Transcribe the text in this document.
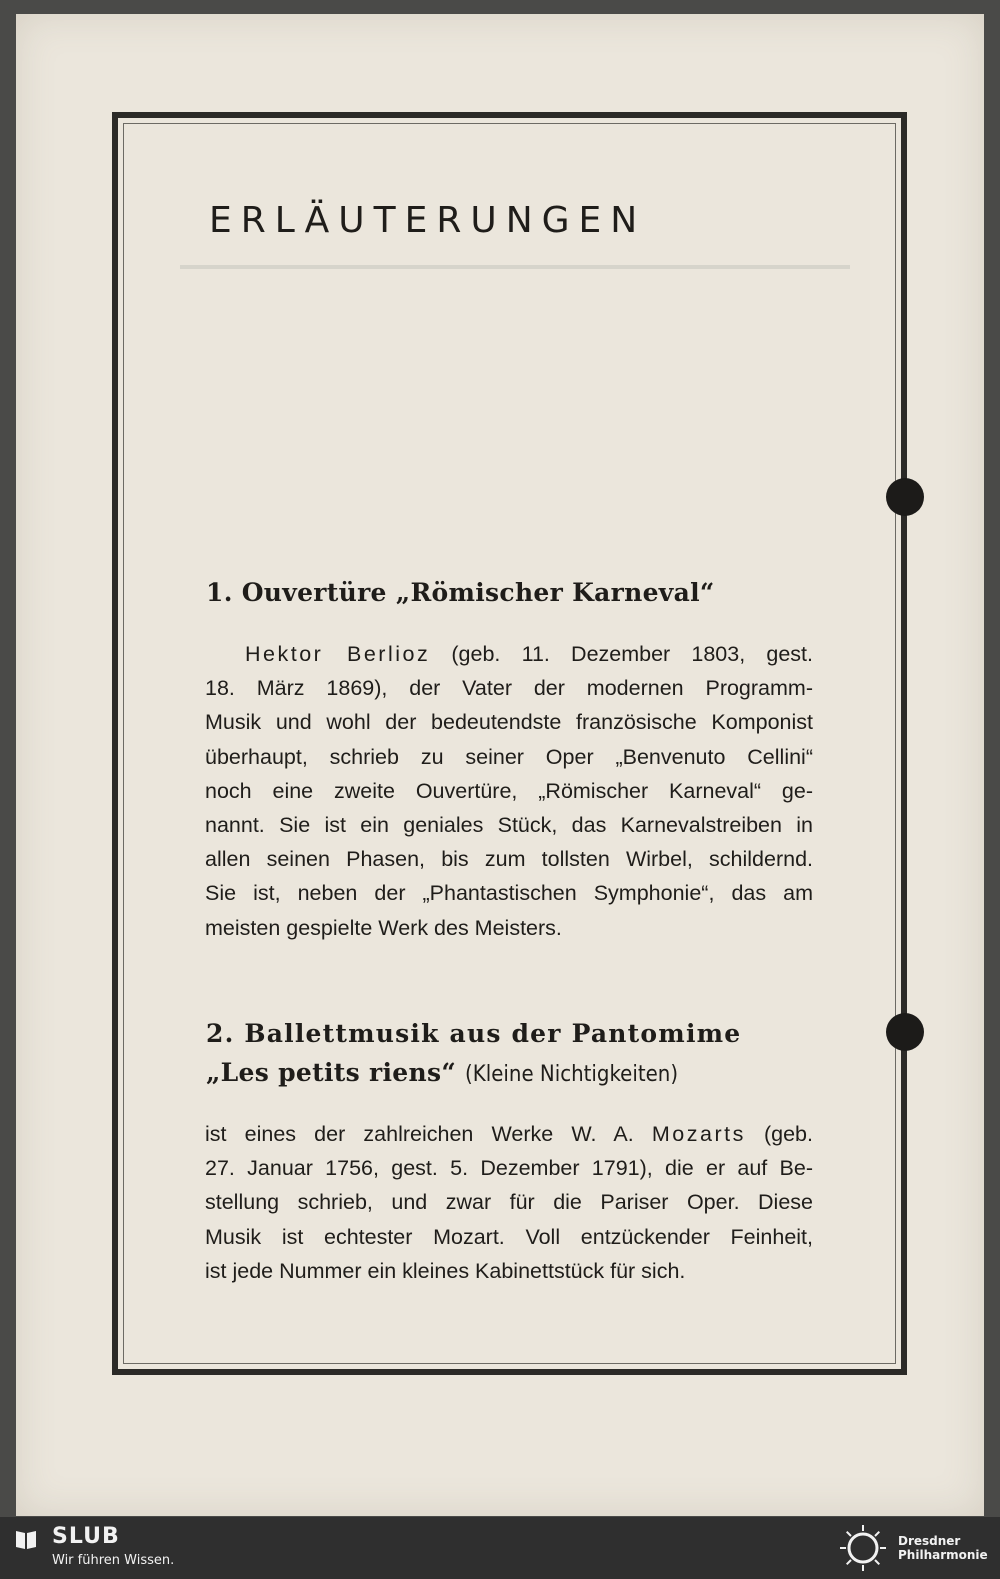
ERLÄUTERUNGEN
1. Ouvertüre „Römischer Karneval“
Hektor Berlioz (geb. 11. Dezember 1803, gest.
18. März 1869), der Vater der modernen Programm-
Musik und wohl der bedeutendste französische Komponist
überhaupt, schrieb zu seiner Oper „Benvenuto Cellini“
noch eine zweite Ouvertüre, „Römischer Karneval“ ge-
nannt. Sie ist ein geniales Stück, das Karnevalstreiben in
allen seinen Phasen, bis zum tollsten Wirbel, schildernd.
Sie ist, neben der „Phantastischen Symphonie“, das am
meisten gespielte Werk des Meisters.
2. Ballettmusik aus der Pantomime
„Les petits riens“ (Kleine Nichtigkeiten)
ist eines der zahlreichen Werke W. A. Mozarts (geb.
27. Januar 1756, gest. 5. Dezember 1791), die er auf Be-
stellung schrieb, und zwar für die Pariser Oper. Diese
Musik ist echtester Mozart. Voll entzückender Feinheit,
ist jede Nummer ein kleines Kabinettstück für sich.
SLUB
Wir führen Wissen.
Dresdner
Philharmonie
